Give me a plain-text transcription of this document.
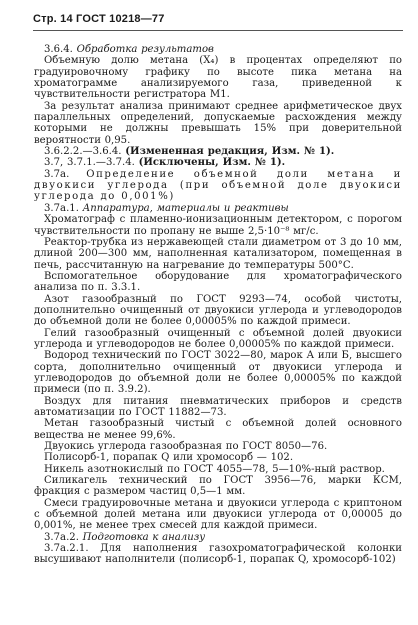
Стр. 14 ГОСТ 10218—77

3.6.4. Обработка результатов

Объемную долю метана (X₄) в процентах определяют по градуировочному графику по высоте пика метана на хроматограмме анализируемого газа, приведенной к чувствительности регистратора М1.

За результат анализа принимают среднее арифметическое двух параллельных определений, допускаемые расхождения между которыми не должны превышать 15% при доверительной вероятности 0,95.

3.6.2.2.—3.6.4. (Измененная редакция, Изм. № 1).

3.7, 3.7.1.—3.7.4. (Исключены, Изм. № 1).

3.7а. Определение объемной доли метана и двуокиси углерода (при объемной доле двуокиси углерода до 0,001%)

3.7а.1. Аппаратура, материалы и реактивы

Хроматограф с пламенно-ионизационным детектором, с порогом чувствительности по пропану не выше 2,5·10⁻⁸ мг/с.

Реактор-трубка из нержавеющей стали диаметром от 3 до 10 мм, длиной 200—300 мм, наполненная катализатором, помещенная в печь, рассчитанную на нагревание до температуры 500°С.

Вспомогательное оборудование для хроматографического анализа по п. 3.3.1.

Азот газообразный по ГОСТ 9293—74, особой чистоты, дополнительно очищенный от двуокиси углерода и углеводородов до объемной доли не более 0,00005% по каждой примеси.

Гелий газообразный очищенный с объемной долей двуокиси углерода и углеводородов не более 0,00005% по каждой примеси.

Водород технический по ГОСТ 3022—80, марок А или Б, высшего сорта, дополнительно очищенный от двуокиси углерода и углеводородов до объемной доли не более 0,00005% по каждой примеси (по п. 3.9.2).

Воздух для питания пневматических приборов и средств автоматизации по ГОСТ 11882—73.

Метан газообразный чистый с объемной долей основного вещества не менее 99,6%.

Двуокись углерода газообразная по ГОСТ 8050—76.

Полисорб-1, порапак Q или хромосорб — 102.

Никель азотнокислый по ГОСТ 4055—78, 5—10%-ный раствор.

Силикагель технический по ГОСТ 3956—76, марки КСМ, фракция с размером частиц 0,5—1 мм.

Смеси градуировочные метана и двуокиси углерода с криптоном с объемной долей метана или двуокиси углерода от 0,00005 до 0,001%, не менее трех смесей для каждой примеси.

3.7а.2. Подготовка к анализу

3.7а.2.1. Для наполнения газохроматографической колонки высушивают наполнители (полисорб-1, порапак Q, хромосорб-102)
